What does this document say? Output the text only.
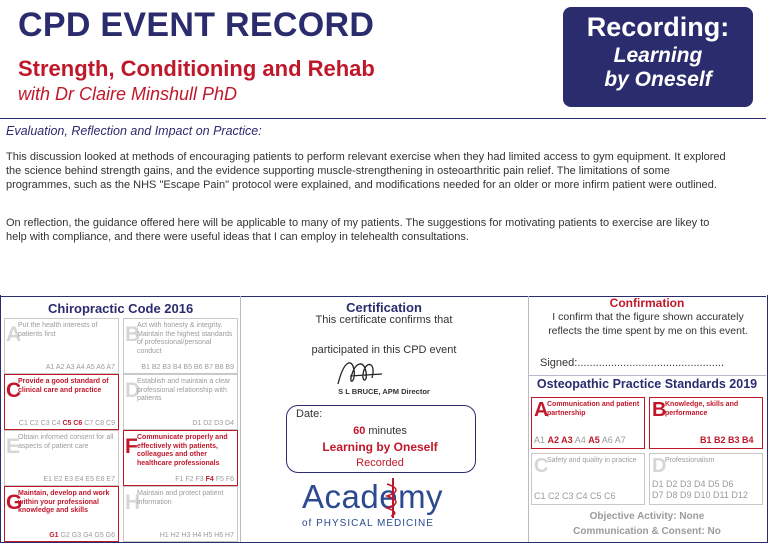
CPD EVENT RECORD
Strength, Conditioning and Rehab
with Dr Claire Minshull PhD
Recording:
Learning
by Oneself
Evaluation, Reflection and Impact on Practice:
This discussion looked at methods of encouraging patients to perform relevant exercise when they had limited access to gym equipment. It explored the science behind strength gains, and the evidence supporting muscle-strengthening in osteoarthritic pain relief. The limitations of some programmes, such as the NHS "Escape Pain" protocol were explained, and modifications needed for an older or more infirm patient were outlined.
On reflection, the guidance offered here will be applicable to many of my patients. The suggestions for motivating patients to exercise are likey to help with compliance, and there were useful ideas that I can employ in telehealth consultations.
Chiropractic Code 2016
A
Put the health interests of patients first
A1 A2 A3 A4 A5 A6 A7
B
Act with honesty & integrity. Maintain the highest standards of professional/personal conduct
B1 B2 B3 B4 B5 B6 B7 B8 B9
C
Provide a good standard of clinical care and practice
C1 C2 C3 C4 C5 C6 C7 C8 C9
D
Establish and maintain a clear professional relationship with patients
D1 D2 D3 D4
E
Obtain informed consent for all aspects of patient care
E1 E2 E3 E4 E5 E6 E7
F Communicate properly and effectively with patients, colleagues and other healthcare professionals
F1 F2 F3 F4 F5 F6
G
Maintain, develop and work within your professional knowledge and skills
G1 G2 G3 G4 G5 G6
H
Maintain and protect patient information
H1 H2 H3 H4 H5 H6 H7
Certification
This certificate confirms that
participated in this CPD event
S L BRUCE, APM Director
Date:
60 minutes
Learning by Oneself
Recorded
Academy
of PHYSICAL MEDICINE
Confirmation
I confirm that the figure shown accurately reflects the time spent by me on this event.
Signed:................................................
Osteopathic Practice Standards 2019
A
Communication and patient partnership
A1 A2 A3 A4 A5 A6 A7
B
Knowledge, skills and performance
B1 B2 B3 B4
C
Safety and quality in practice
C1 C2 C3 C4 C5 C6
D
Professionalism
D1 D2 D3 D4 D5 D6
D7 D8 D9 D10 D11 D12
Objective Activity: None
Communication & Consent: No
